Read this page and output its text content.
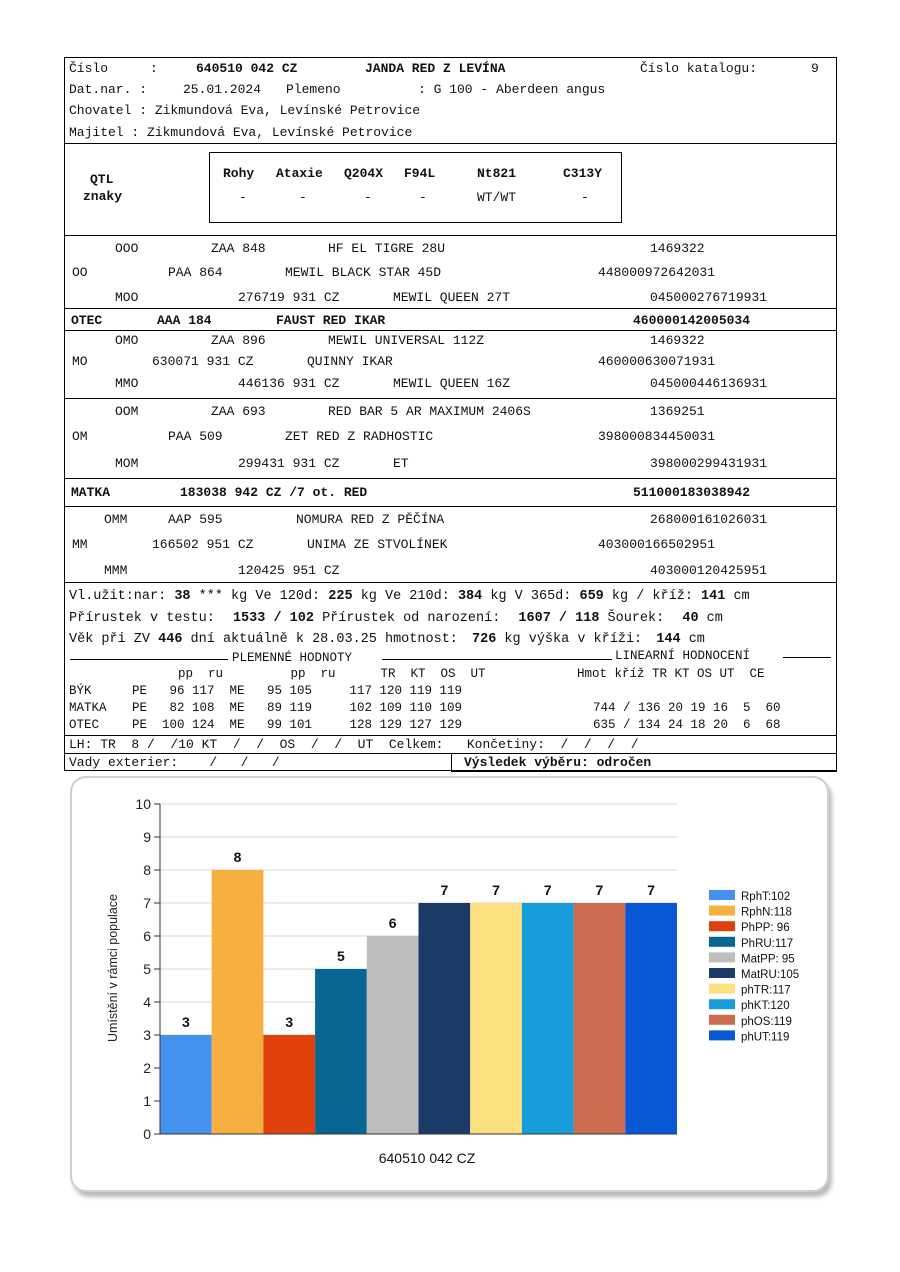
Číslo	:	640510 042 CZ	JANDA RED Z LEVÍNA	Číslo katalogu:	9
Dat.nar. :	25.01.2024 Plemeno	: G 100 - Aberdeen angus
Chovatel : Zikmundová Eva, Levínské Petrovice
Majitel : Zikmundová Eva, Levínské Petrovice
QTL
znaky
Rohy Ataxie Q204X F94L	Nt821	C313Y
-	-	-	-	WT/WT	-
OOO	ZAA 848	HF EL TIGRE 28U	1469322
OO	PAA 864	MEWIL BLACK STAR 45D	448000972642031
MOO	276719 931 CZ	MEWIL QUEEN 27T	045000276719931
OTEC	AAA 184	FAUST RED IKAR	460000142005034
OMO	ZAA 896	MEWIL UNIVERSAL 112Z	1469322
MO	630071 931 CZ	QUINNY IKAR	460000630071931
MMO	446136 931 CZ	MEWIL QUEEN 16Z	045000446136931
OOM	ZAA 693	RED BAR 5 AR MAXIMUM 2406S	1369251
OM	PAA 509	ZET RED Z RADHOSTIC	398000834450031
MOM	299431 931 CZ	ET	398000299431931
MATKA	183038 942 CZ /7 ot. RED	511000183038942
OMM	AAP 595	NOMURA RED Z PĚČÍNA	268000161026031
MM	166502 951 CZ	UNIMA ZE STVOLÍNEK	403000166502951
MMM	120425 951 CZ	403000120425951
Vl.užit:nar: 38 *** kg Ve 120d: 225 kg Ve 210d: 384 kg V 365d: 659 kg / kříž: 141 cm
Přírustek v testu: 1533 / 102 Přírustek od narození: 1607 / 118 Šourek: 40 cm
Věk při ZV 446 dní aktuálně k 28.03.25 hmotnost: 726 kg výška v kříži: 144 cm
PLEMENNÉ HODNOTY	LINEARNÍ HODNOCENÍ
pp  ru         pp  ru      TR  KT  OS  UT	Hmot kříž TR KT OS UT  CE
BÝK	PE   96 117  ME   95 105     117 120 119 119
MATKA PE   82 108  ME   89 119     102 109 110 109	744 / 136 20 19 16  5  60
OTEC	PE  100 124  ME   99 101     128 129 127 129	635 / 134 24 18 20  6  68
LH: TR  8 /  /10 KT  /  /  OS  /  /  UT  Celkem:   Končetiny:  /  /  /  /
Vady exterier:    /   /   /	Výsledek výběru: odročen
3
8
3
5
6
7	7	7	7	7
0
1
2
3
4
5
6
7
8
9
10
Umístění v rámci populace
640510 042 CZ
RphT:102
RphN:118
PhPP: 96
PhRU:117
MatPP: 95
MatRU:105
phTR:117
phKT:120
phOS:119
phUT:119
